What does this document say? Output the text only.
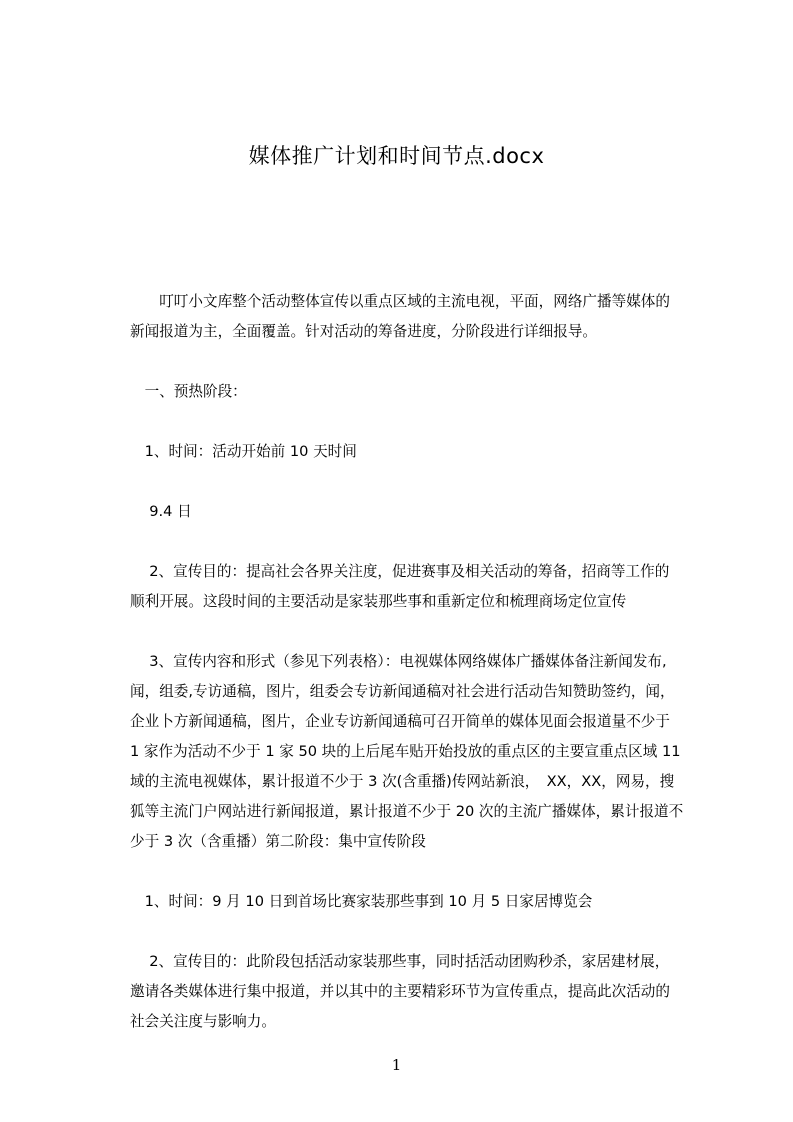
媒体推广计划和时间节点.docx

　　叮叮小文库整个活动整体宣传以重点区域的主流电视，平面，网络广播等媒体的
新闻报道为主，全面覆盖。针对活动的筹备进度，分阶段进行详细报导。

　一、预热阶段：

　1、时间：活动开始前 10 天时间

　 9.4 日

　 2、宣传目的：提高社会各界关注度，促进赛事及相关活动的筹备，招商等工作的
顺利开展。这段时间的主要活动是家装那些事和重新定位和梳理商场定位宣传

　 3、宣传内容和形式（参见下列表格）：电视媒体网络媒体广播媒体备注新闻发布,
闻，组委,专访通稿，图片，组委会专访新闻通稿对社会进行活动告知赞助签约，闻，
企业卜方新闻通稿，图片，企业专访新闻通稿可召开简单的媒体见面会报道量不少于
1 家作为活动不少于 1 家 50 块的上后尾车贴开始投放的重点区的主要宣重点区域 11
域的主流电视媒体，累计报道不少于 3 次(含重播)传网站新浪，　XX，XX，网易，搜
狐等主流门户网站进行新闻报道，累计报道不少于 20 次的主流广播媒体，累计报道不
少于 3 次（含重播）第二阶段：集中宣传阶段

　1、时间：9 月 10 日到首场比赛家装那些事到 10 月 5 日家居博览会

　 2、宣传目的：此阶段包括活动家装那些事，同时括活动团购秒杀，家居建材展，
邀请各类媒体进行集中报道，并以其中的主要精彩环节为宣传重点，提高此次活动的
社会关注度与影响力。

1
